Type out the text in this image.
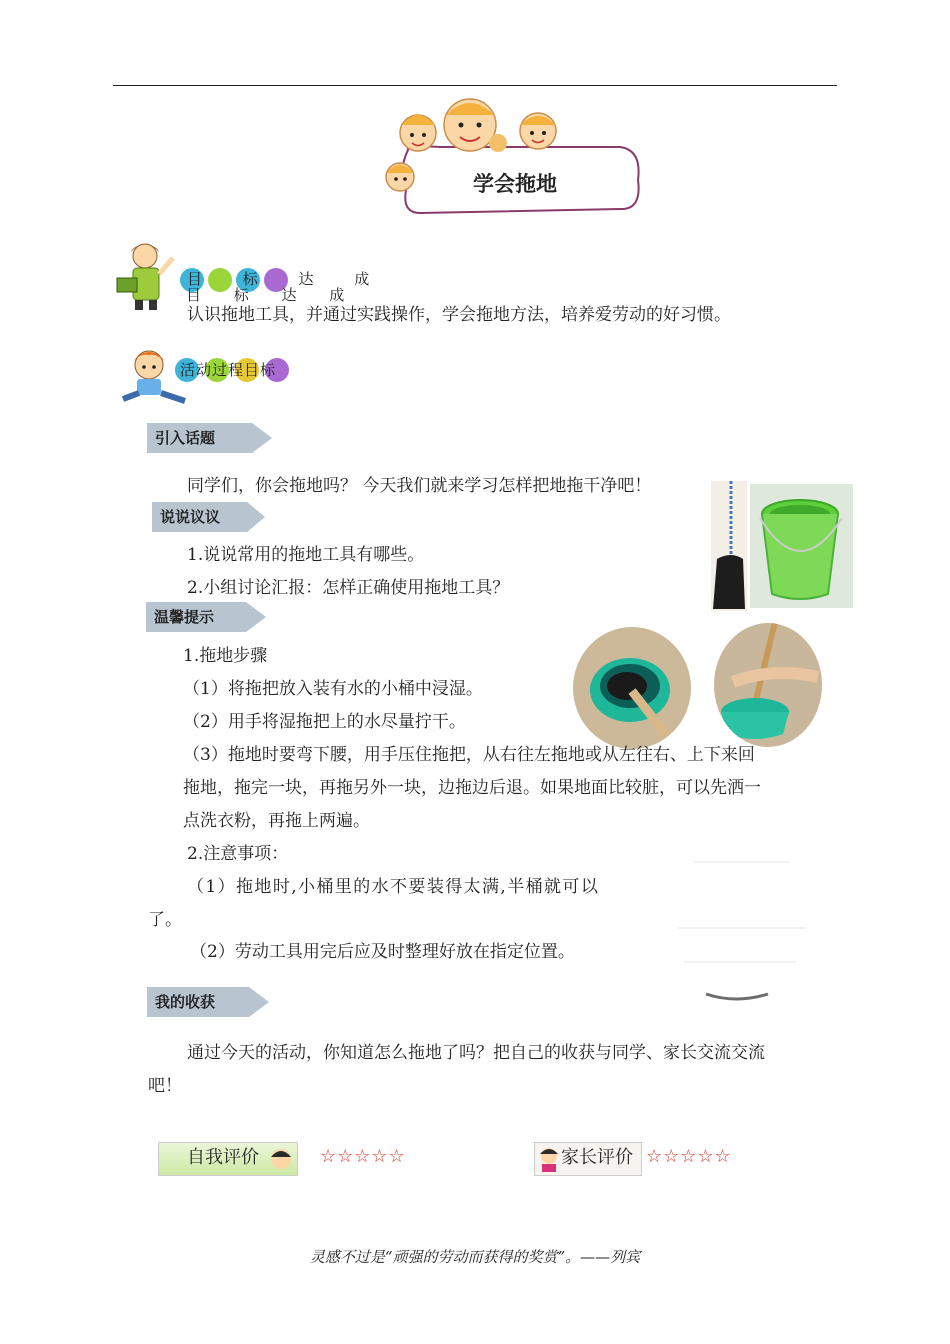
学会拖地
目 标 达 成
目 标 达 成
认识拖地工具，并通过实践操作，学会拖地方法，培养爱劳动的好习惯。
活动过程目标
引入话题
同学们，你会拖地吗？ 今天我们就来学习怎样把地拖干净吧！
说说议议
1.说说常用的拖地工具有哪些。
2.小组讨论汇报：怎样正确使用拖地工具？
温馨提示
1.拖地步骤
（1）将拖把放入装有水的小桶中浸湿。
（2）用手将湿拖把上的水尽量拧干。
（3）拖地时要弯下腰，用手压住拖把，从右往左拖地或从左往右、上下来回
拖地，拖完一块，再拖另外一块，边拖边后退。如果地面比较脏，可以先洒一
点洗衣粉，再拖上两遍。
2.注意事项：
（1）拖地时,小桶里的水不要装得太满,半桶就可以
了。
（2）劳动工具用完后应及时整理好放在指定位置。
我的收获
通过今天的活动，你知道怎么拖地了吗？把自己的收获与同学、家长交流交流
吧！
自我评价	☆☆☆☆☆	家长评价 ☆☆☆☆☆
灵感不过是“顽强的劳动而获得的奖赏”。——列宾
